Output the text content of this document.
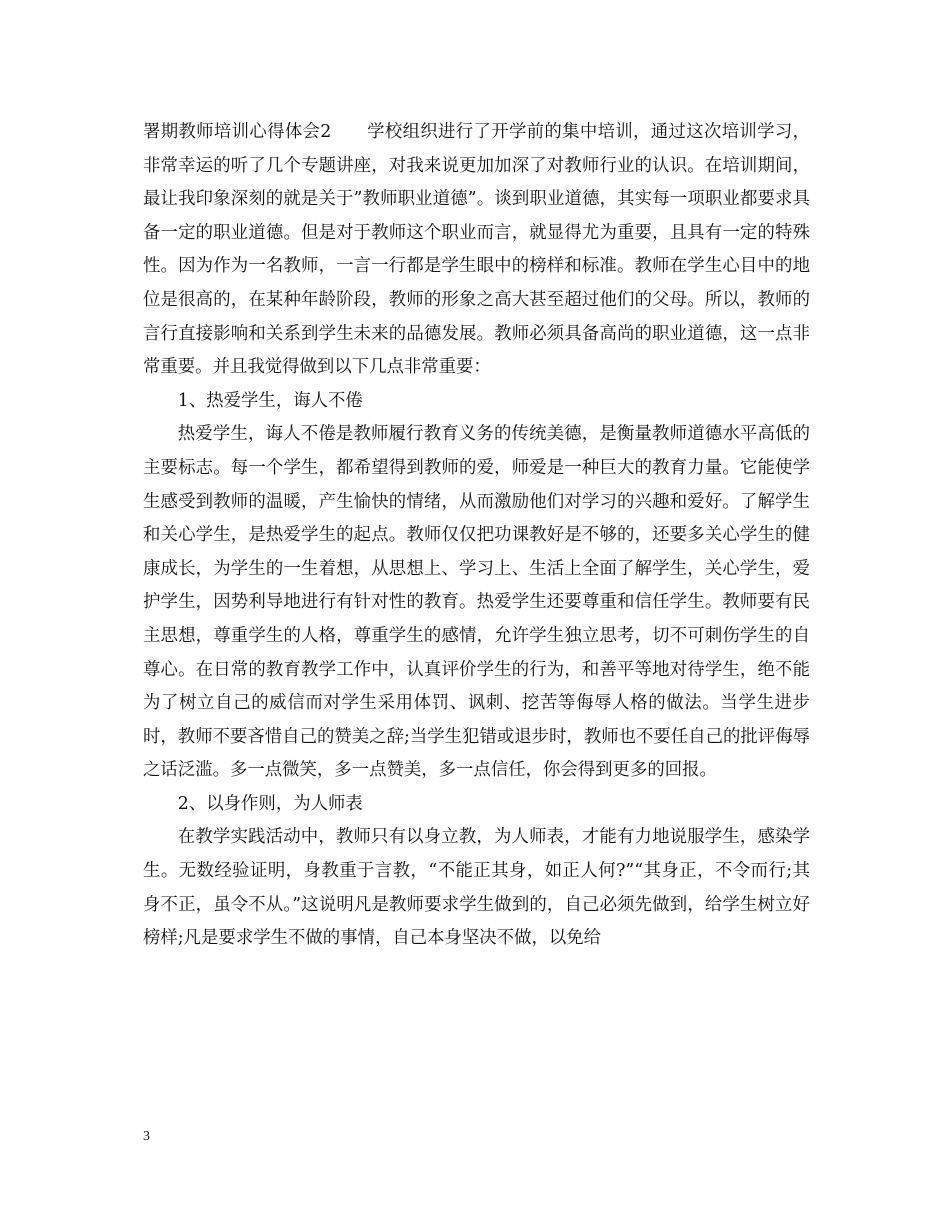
署期教师培训心得体会2　　学校组织进行了开学前的集中培训，通过这次培训学习，非常幸运的听了几个专题讲座，对我来说更加加深了对教师行业的认识。在培训期间，最让我印象深刻的就是关于”教师职业道德”。谈到职业道德，其实每一项职业都要求具备一定的职业道德。但是对于教师这个职业而言，就显得尤为重要，且具有一定的特殊性。因为作为一名教师，一言一行都是学生眼中的榜样和标准。教师在学生心目中的地位是很高的，在某种年龄阶段，教师的形象之高大甚至超过他们的父母。所以，教师的言行直接影响和关系到学生未来的品德发展。教师必须具备高尚的职业道德，这一点非常重要。并且我觉得做到以下几点非常重要：

1、热爱学生，诲人不倦

热爱学生，诲人不倦是教师履行教育义务的传统美德，是衡量教师道德水平高低的主要标志。每一个学生，都希望得到教师的爱，师爱是一种巨大的教育力量。它能使学生感受到教师的温暖，产生愉快的情绪，从而激励他们对学习的兴趣和爱好。了解学生和关心学生，是热爱学生的起点。教师仅仅把功课教好是不够的，还要多关心学生的健康成长，为学生的一生着想，从思想上、学习上、生活上全面了解学生，关心学生，爱护学生，因势利导地进行有针对性的教育。热爱学生还要尊重和信任学生。教师要有民主思想，尊重学生的人格，尊重学生的感情，允许学生独立思考，切不可刺伤学生的自尊心。在日常的教育教学工作中，认真评价学生的行为，和善平等地对待学生，绝不能为了树立自己的威信而对学生采用体罚、讽刺、挖苦等侮辱人格的做法。当学生进步时，教师不要吝惜自己的赞美之辞;当学生犯错或退步时，教师也不要任自己的批评侮辱之话泛滥。多一点微笑，多一点赞美，多一点信任，你会得到更多的回报。

2、以身作则，为人师表

在教学实践活动中，教师只有以身立教，为人师表，才能有力地说服学生，感染学生。无数经验证明，身教重于言教，“不能正其身，如正人何?”“其身正，不令而行;其身不正，虽令不从。”这说明凡是教师要求学生做到的，自己必须先做到，给学生树立好榜样;凡是要求学生不做的事情，自己本身坚决不做，以免给

3
